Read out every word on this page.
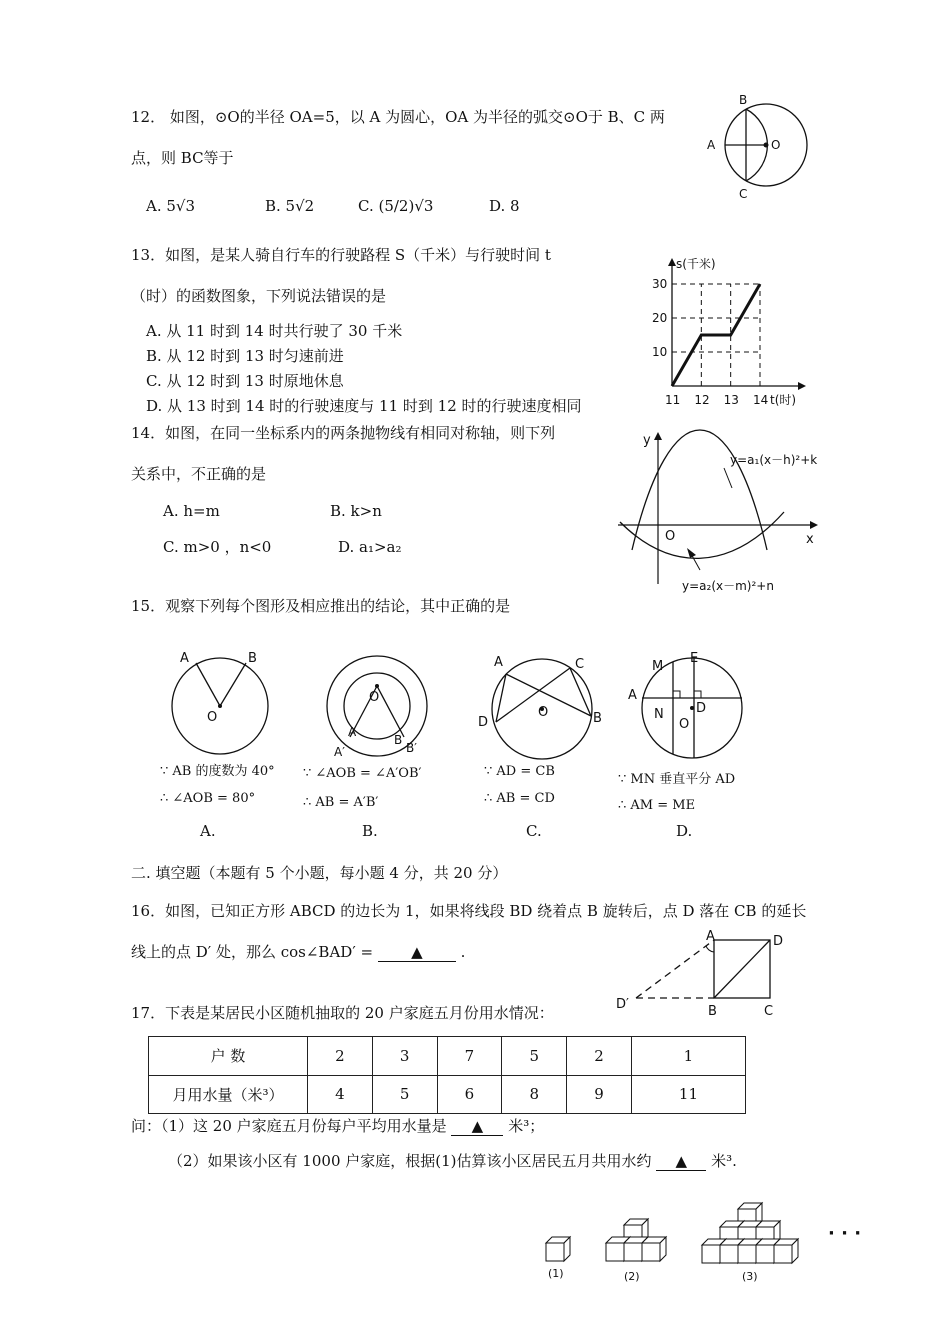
12． 如图，⊙O的半径 OA=5，以 A 为圆心，OA 为半径的弧交⊙O于 B、C 两
点，则 BC等于
A. 5√3	B. 5√2	C. (5/2)√3	D. 8
A
B
C
O
13．如图，是某人骑自行车的行驶路程 S（千米）与行驶时间 t
（时）的函数图象，下列说法错误的是
A. 从 11 时到 14 时共行驶了 30 千米
B. 从 12 时到 13 时匀速前进
C. 从 12 时到 13 时原地休息
D. 从 13 时到 14 时的行驶速度与 11 时到 12 时的行驶速度相同
s(千米)
t(时)
10
20
30
11 12 13 14
14．如图，在同一坐标系内的两条抛物线有相同对称轴，则下列
关系中，不正确的是
A. h=m	B. k>n
C. m>0 ，n<0	D. a₁>a₂
y
x
O
y=a₁(x－h)²+k
y=a₂(x－m)²+n
15．观察下列每个图形及相应推出的结论，其中正确的是
A	B
O
∵ AB 的度数为 40°
∴ ∠AOB = 80°
A.
O
A
B
A′	B′
∵ ∠AOB = ∠A′OB′
∴ AB = A′B′
B.
A	C
D	B
O
∵ AD = CB
∴ AB = CD
C.
M
E
A
N D
O
∵ MN 垂直平分 AD
∴ AM = ME
D.
二. 填空题（本题有 5 个小题，每小题 4 分，共 20 分）
16．如图，已知正方形 ABCD 的边长为 1，如果将线段 BD 绕着点 B 旋转后，点 D 落在 CB 的延长
线上的点 D′ 处，那么 cos∠BAD′ =	▲	.
A	D
D′	B	C
17．下表是某居民小区随机抽取的 20 户家庭五月份用水情况：
户 数	2	3	7	5	2	1
月用水量（米³）	4	5	6	8	9	11
问：（1）这 20 户家庭五月份每户平均用水量是 ▲ 米³；
（2）如果该小区有 1000 户家庭，根据(1)估算该小区居民五月共用水约 ▲ 米³.
(1)	(2)	(3)
· · ·
